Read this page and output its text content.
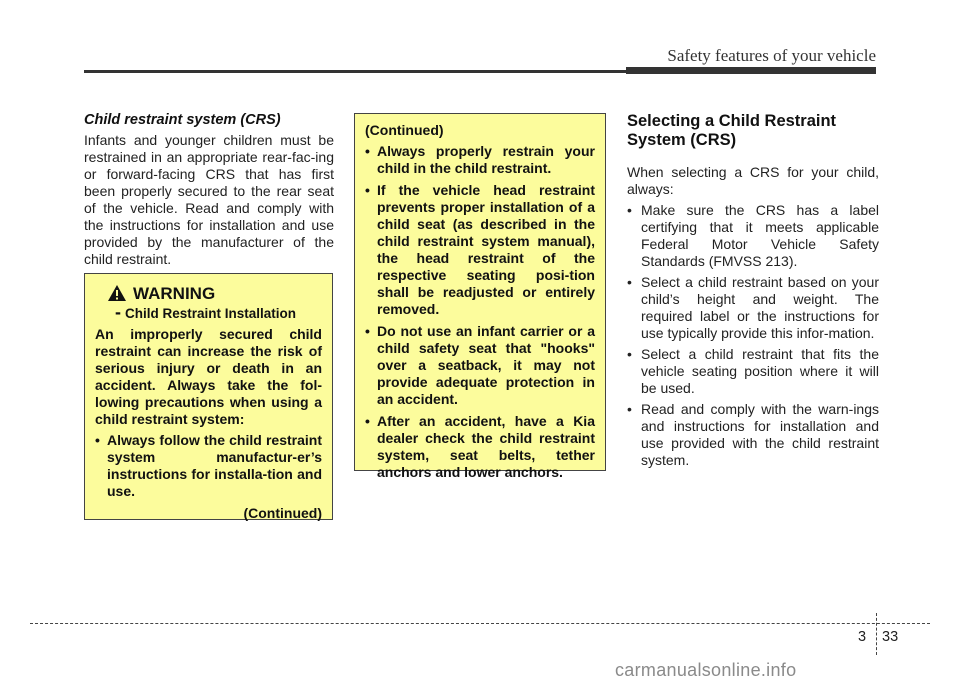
Safety features of your vehicle
Child restraint system (CRS)

Infants and younger children must be restrained in an appropriate rear-fac-ing or forward-facing CRS that has first been properly secured to the rear seat of the vehicle. Read and comply with the instructions for installation and use provided by the manufacturer of the child restraint.

WARNING
- Child Restraint Installation

An improperly secured child restraint can increase the risk of serious injury or death in an accident. Always take the fol-lowing precautions when using a child restraint system:

• Always follow the child restraint system manufactur-er’s instructions for installa-tion and use.
(Continued)
(Continued)
• Always properly restrain your child in the child restraint.
• If the vehicle head restraint prevents proper installation of a child seat (as described in the child restraint system manual), the head restraint of the respective seating posi-tion shall be readjusted or entirely removed.
• Do not use an infant carrier or a child safety seat that "hooks" over a seatback, it may not provide adequate protection in an accident.
• After an accident, have a Kia dealer check the child restraint system, seat belts, tether anchors and lower anchors.
Selecting a Child Restraint System (CRS)

When selecting a CRS for your child, always:

• Make sure the CRS has a label certifying that it meets applicable Federal Motor Vehicle Safety Standards (FMVSS 213).
• Select a child restraint based on your child’s height and weight. The required label or the instructions for use typically provide this infor-mation.
• Select a child restraint that fits the vehicle seating position where it will be used.
• Read and comply with the warn-ings and instructions for installation and use provided with the child restraint system.
3 33
carmanualsonline.info
